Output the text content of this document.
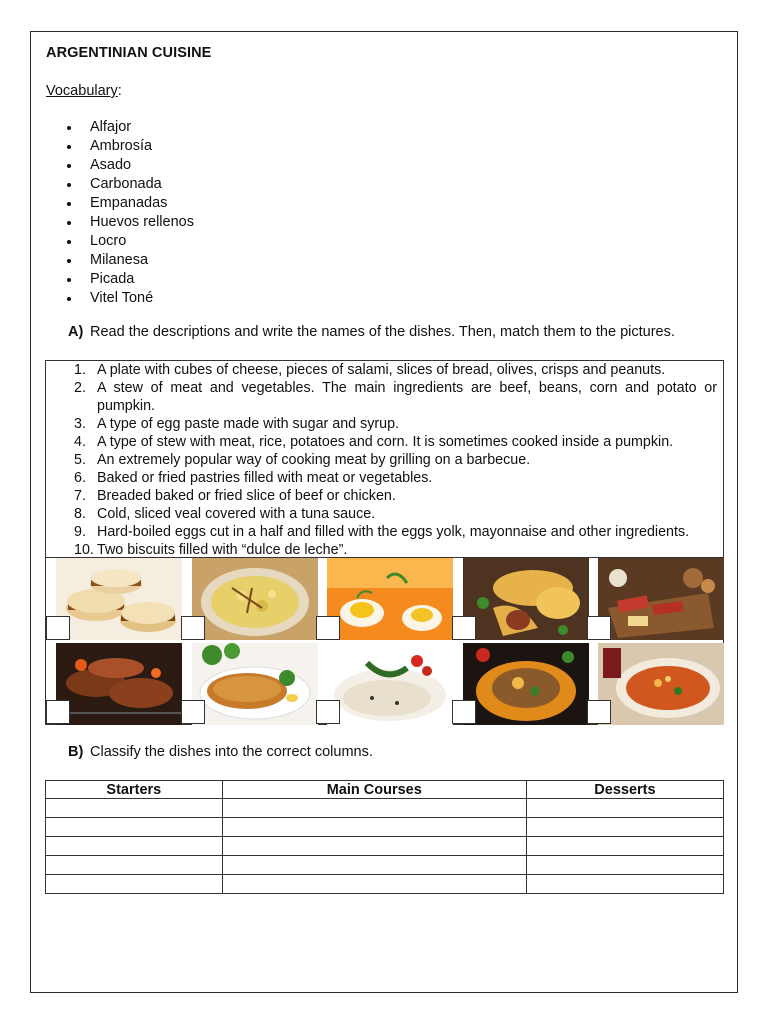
ARGENTINIAN CUISINE
Vocabulary:
Alfajor
Ambrosía
Asado
Carbonada
Empanadas
Huevos rellenos
Locro
Milanesa
Picada
Vitel Toné
A) Read the descriptions and write the names of the dishes. Then, match them to the pictures.
1. A plate with cubes of cheese, pieces of salami, slices of bread, olives, crisps and peanuts.
2. A stew of meat and vegetables. The main ingredients are beef, beans, corn and potato or pumpkin.
3. A type of egg paste made with sugar and syrup.
4. A type of stew with meat, rice, potatoes and corn. It is sometimes cooked inside a pumpkin.
5. An extremely popular way of cooking meat by grilling on a barbecue.
6. Baked or fried pastries filled with meat or vegetables.
7. Breaded baked or fried slice of beef or chicken.
8. Cold, sliced veal covered with a tuna sauce.
9. Hard-boiled eggs cut in a half and filled with the eggs yolk, mayonnaise and other ingredients.
10. Two biscuits filled with “dulce de leche”.
B) Classify the dishes into the correct columns.
Starters	Main Courses	Desserts
